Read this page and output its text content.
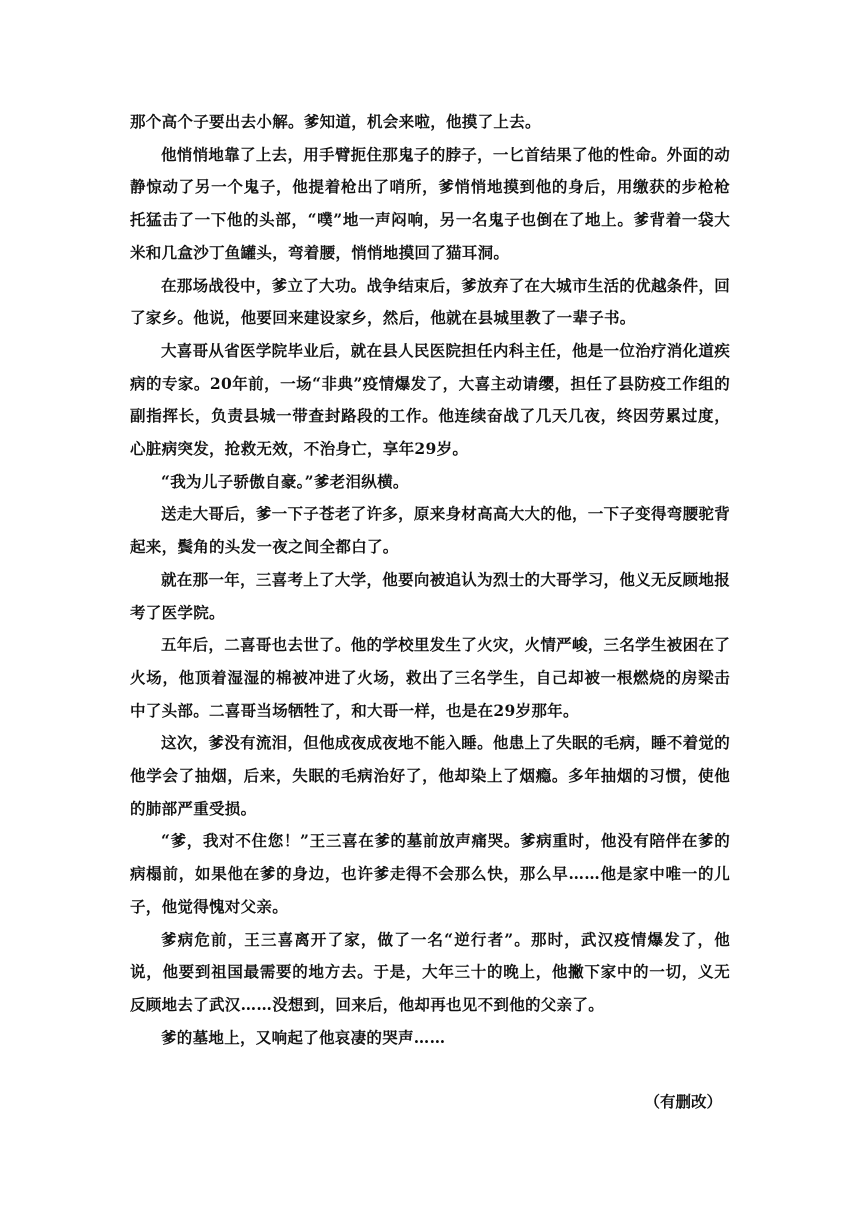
那个高个子要出去小解。爹知道，机会来啦，他摸了上去。

他悄悄地靠了上去，用手臂扼住那鬼子的脖子，一匕首结果了他的性命。外面的动静惊动了另一个鬼子，他提着枪出了哨所，爹悄悄地摸到他的身后，用缴获的步枪枪托猛击了一下他的头部，“噗”地一声闷响，另一名鬼子也倒在了地上。爹背着一袋大米和几盒沙丁鱼罐头，弯着腰，悄悄地摸回了猫耳洞。

在那场战役中，爹立了大功。战争结束后，爹放弃了在大城市生活的优越条件，回了家乡。他说，他要回来建设家乡，然后，他就在县城里教了一辈子书。

大喜哥从省医学院毕业后，就在县人民医院担任内科主任，他是一位治疗消化道疾病的专家。20年前，一场“非典”疫情爆发了，大喜主动请缨，担任了县防疫工作组的副指挥长，负责县城一带查封路段的工作。他连续奋战了几天几夜，终因劳累过度，心脏病突发，抢救无效，不治身亡，享年29岁。

“我为儿子骄傲自豪。”爹老泪纵横。

送走大哥后，爹一下子苍老了许多，原来身材高高大大的他，一下子变得弯腰驼背起来，鬓角的头发一夜之间全都白了。

就在那一年，三喜考上了大学，他要向被追认为烈士的大哥学习，他义无反顾地报考了医学院。

五年后，二喜哥也去世了。他的学校里发生了火灾，火情严峻，三名学生被困在了火场，他顶着湿湿的棉被冲进了火场，救出了三名学生，自己却被一根燃烧的房梁击中了头部。二喜哥当场牺牲了，和大哥一样，也是在29岁那年。

这次，爹没有流泪，但他成夜成夜地不能入睡。他患上了失眠的毛病，睡不着觉的他学会了抽烟，后来，失眠的毛病治好了，他却染上了烟瘾。多年抽烟的习惯，使他的肺部严重受损。

“爹，我对不住您！”王三喜在爹的墓前放声痛哭。爹病重时，他没有陪伴在爹的病榻前，如果他在爹的身边，也许爹走得不会那么快，那么早……他是家中唯一的儿子，他觉得愧对父亲。

爹病危前，王三喜离开了家，做了一名“逆行者”。那时，武汉疫情爆发了，他说，他要到祖国最需要的地方去。于是，大年三十的晚上，他撇下家中的一切，义无反顾地去了武汉……没想到，回来后，他却再也见不到他的父亲了。

爹的墓地上，又响起了他哀凄的哭声……

（有删改）
